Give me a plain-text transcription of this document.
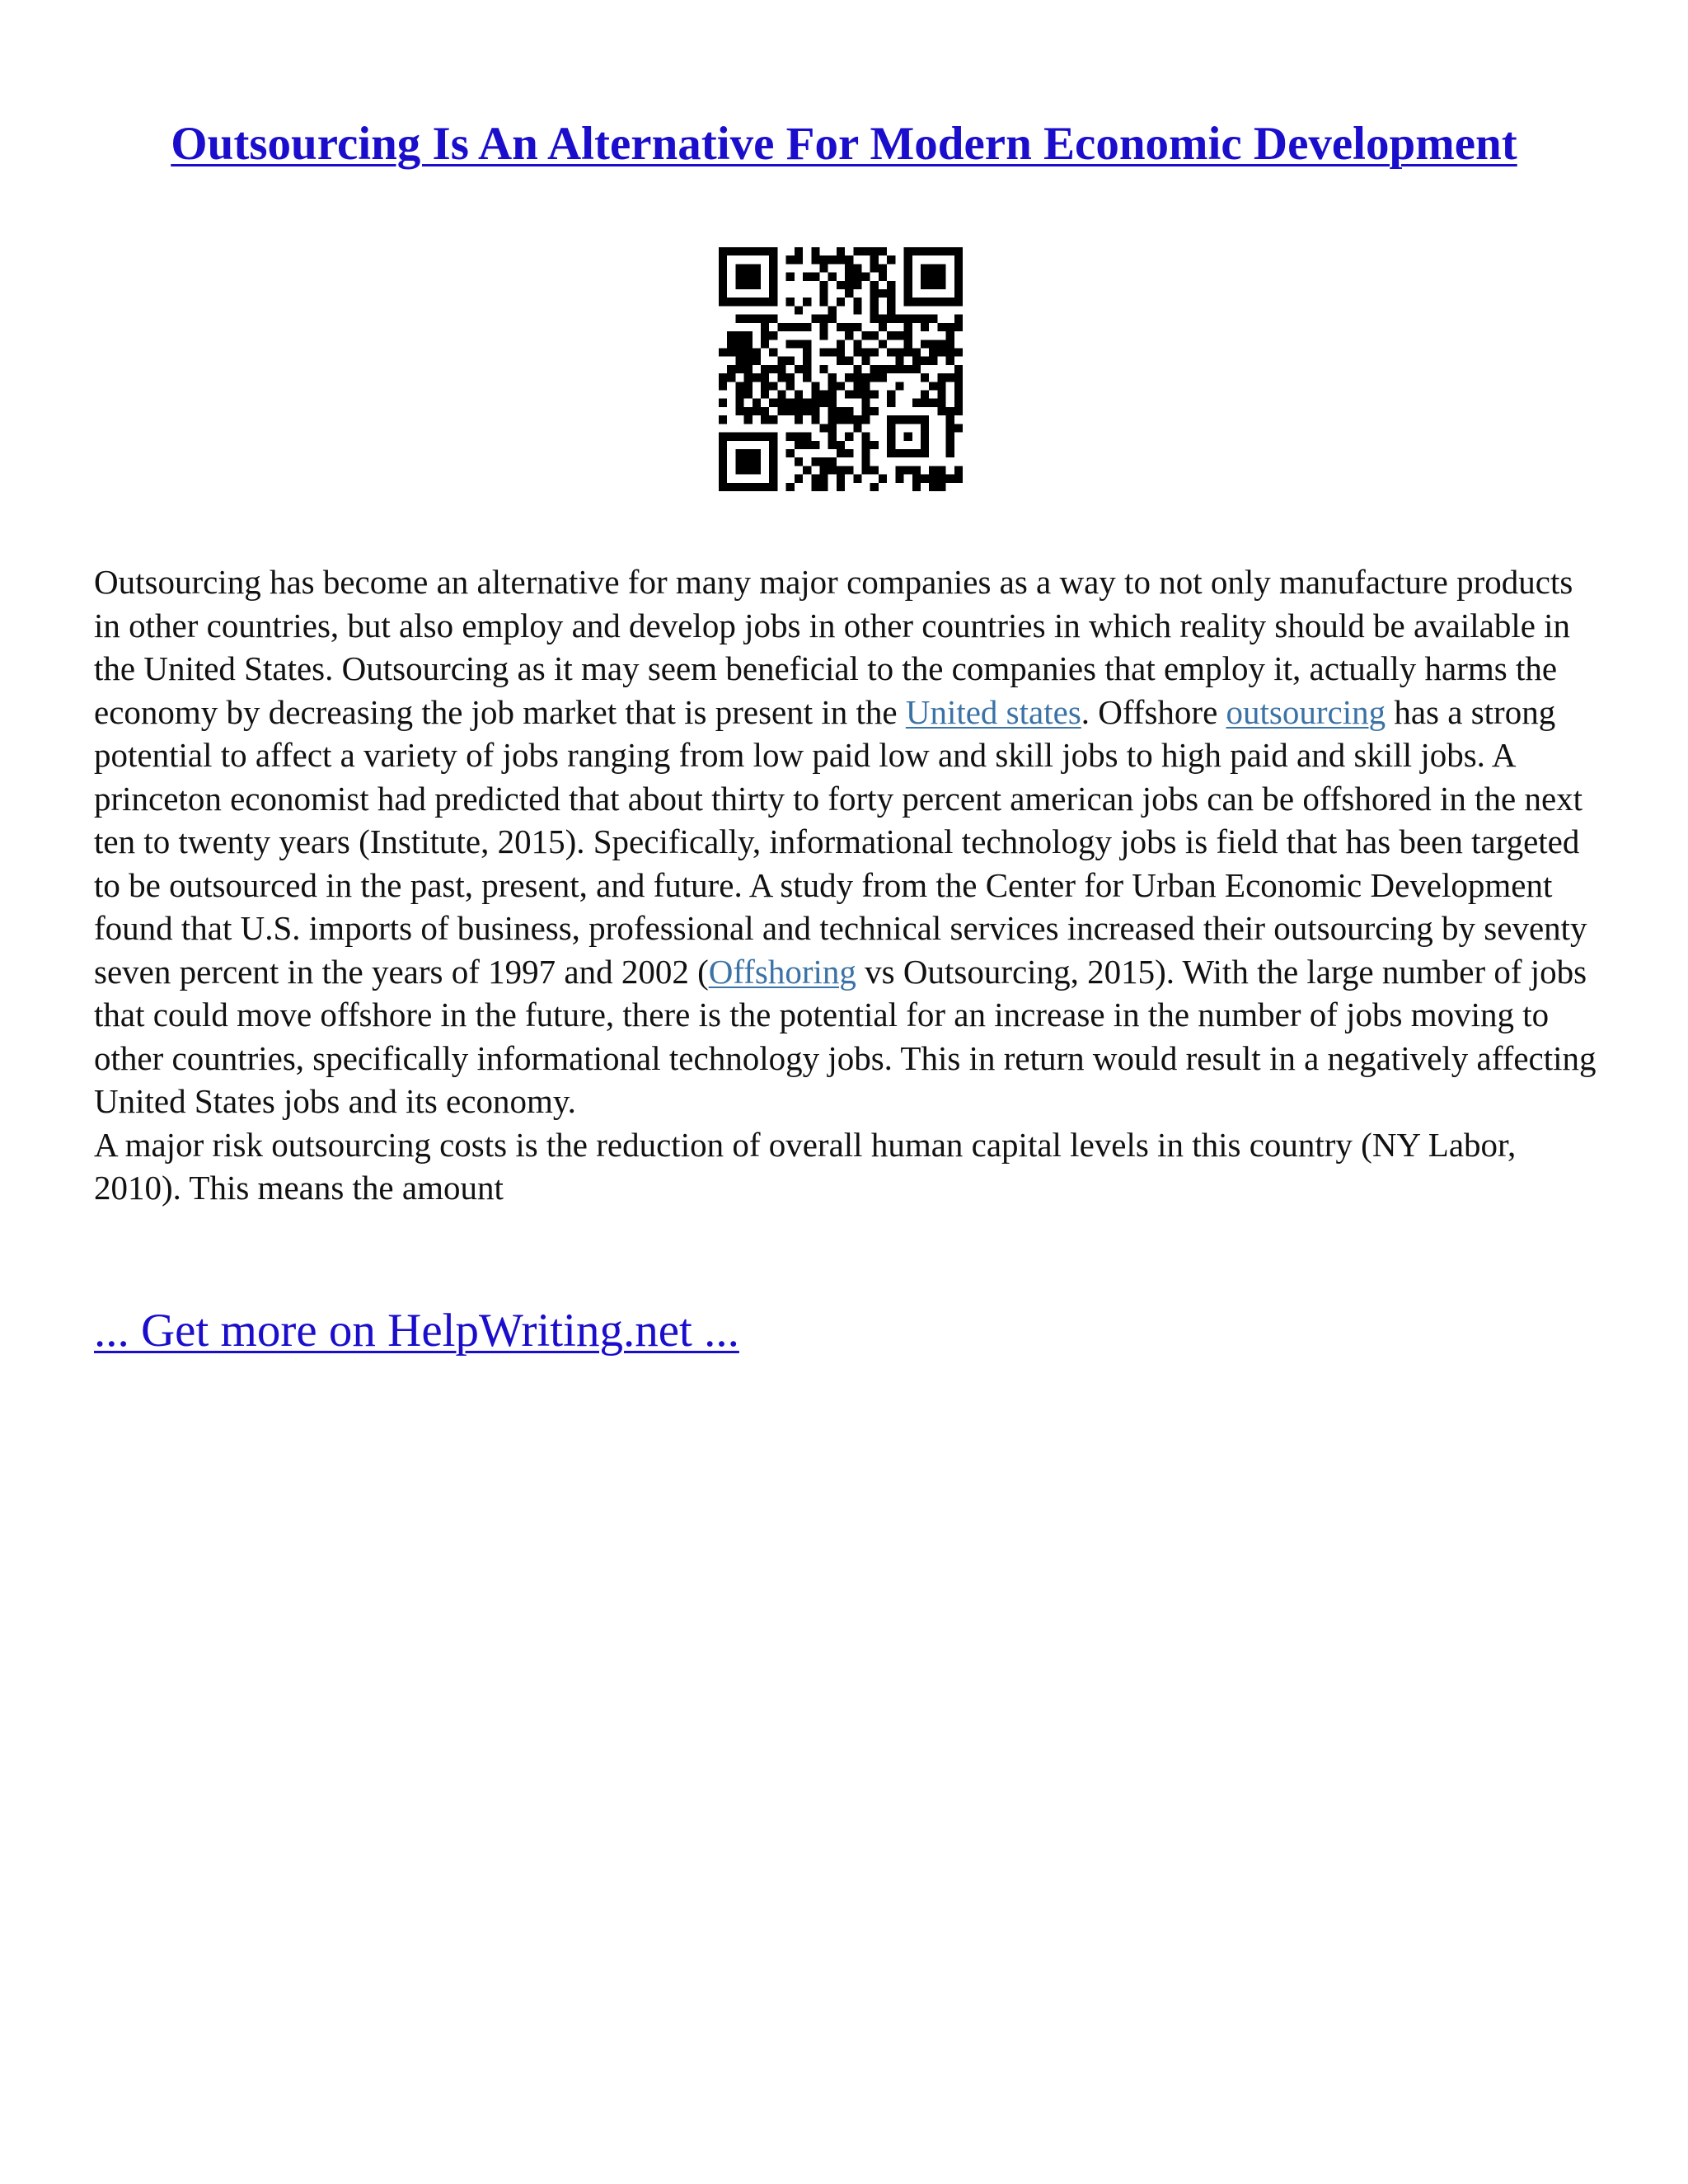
Outsourcing Is An Alternative For Modern Economic Development

Outsourcing has become an alternative for many major companies as a way to not only manufacture products in other countries, but also employ and develop jobs in other countries in which reality should be available in the United States. Outsourcing as it may seem beneficial to the companies that employ it, actually harms the economy by decreasing the job market that is present in the United states. Offshore outsourcing has a strong potential to affect a variety of jobs ranging from low paid low and skill jobs to high paid and skill jobs. A princeton economist had predicted that about thirty to forty percent american jobs can be offshored in the next ten to twenty years (Institute, 2015). Specifically, informational technology jobs is field that has been targeted to be outsourced in the past, present, and future. A study from the Center for Urban Economic Development found that U.S. imports of business, professional and technical services increased their outsourcing by seventy seven percent in the years of 1997 and 2002 (Offshoring vs Outsourcing, 2015). With the large number of jobs that could move offshore in the future, there is the potential for an increase in the number of jobs moving to other countries, specifically informational technology jobs. This in return would result in a negatively affecting United States jobs and its economy.

A major risk outsourcing costs is the reduction of overall human capital levels in this country (NY Labor, 2010). This means the amount

... Get more on HelpWriting.net ...
